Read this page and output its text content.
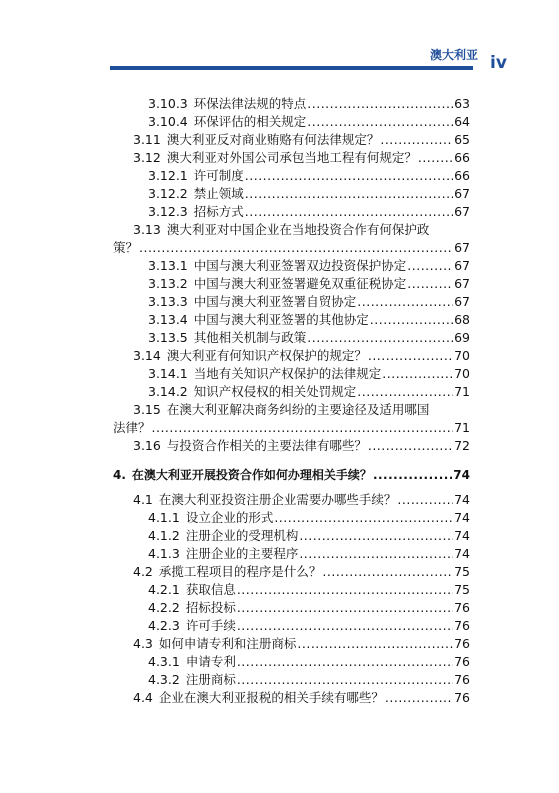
澳大利亚 iv
3.10.3 环保法律法规的特点 .....	63
3.10.4 环保评估的相关规定 .....	64
3.11 澳大利亚反对商业贿赂有何法律规定？ .....	65
3.12 澳大利亚对外国公司承包当地工程有何规定？ .....	66
3.12.1 许可制度 .....	66
3.12.2 禁止领域 .....	67
3.12.3 招标方式 .....	67
3.13 澳大利亚对中国企业在当地投资合作有何保护政
策？ .....	67
3.13.1 中国与澳大利亚签署双边投资保护协定 .....	67
3.13.2 中国与澳大利亚签署避免双重征税协定 .....	67
3.13.3 中国与澳大利亚签署自贸协定 .....	67
3.13.4 中国与澳大利亚签署的其他协定 .....	68
3.13.5 其他相关机制与政策 .....	69
3.14 澳大利亚有何知识产权保护的规定？ .....	70
3.14.1 当地有关知识产权保护的法律规定 .....	70
3.14.2 知识产权侵权的相关处罚规定 .....	71
3.15 在澳大利亚解决商务纠纷的主要途径及适用哪国
法律？ .....	71
3.16 与投资合作相关的主要法律有哪些？ .....	72
4. 在澳大利亚开展投资合作如何办理相关手续？ .....	74
4.1 在澳大利亚投资注册企业需要办哪些手续？ .....	74
4.1.1 设立企业的形式 .....	74
4.1.2 注册企业的受理机构 .....	74
4.1.3 注册企业的主要程序 .....	74
4.2 承揽工程项目的程序是什么？ .....	75
4.2.1 获取信息 .....	75
4.2.2 招标投标 .....	76
4.2.3 许可手续 .....	76
4.3 如何申请专利和注册商标 .....	76
4.3.1 申请专利 .....	76
4.3.2 注册商标 .....	76
4.4 企业在澳大利亚报税的相关手续有哪些？ .....	76
